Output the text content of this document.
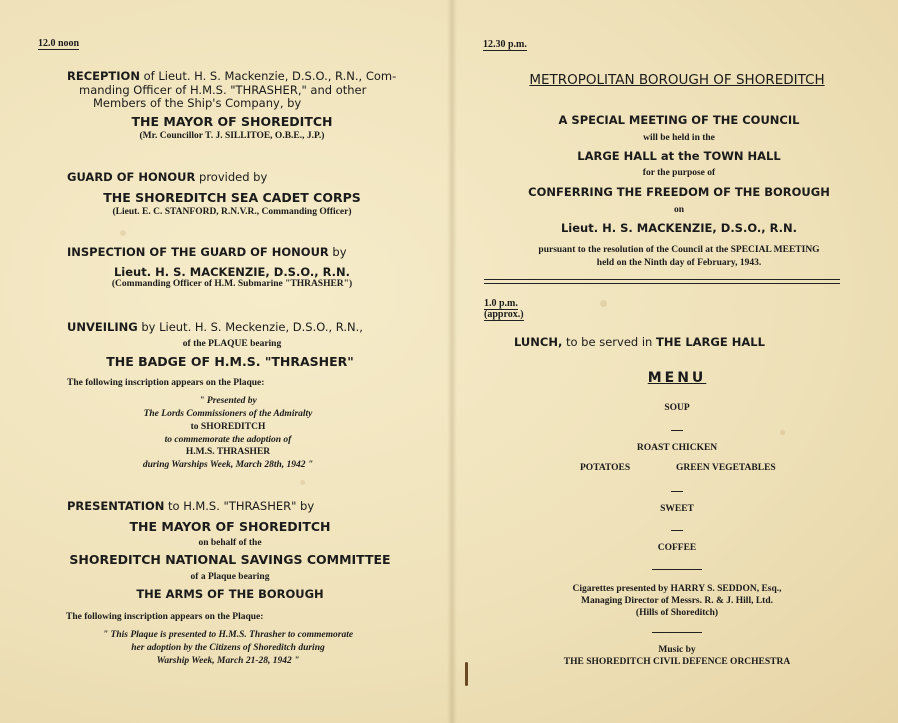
12.0 noon
RECEPTION of Lieut. H. S. Mackenzie, D.S.O., R.N., Com-
manding Officer of H.M.S. "THRASHER," and other
Members of the Ship's Company, by
THE MAYOR OF SHOREDITCH
(Mr. Councillor T. J. SILLITOE, O.B.E., J.P.)
GUARD OF HONOUR provided by
THE SHOREDITCH SEA CADET CORPS
(Lieut. E. C. STANFORD, R.N.V.R., Commanding Officer)
INSPECTION OF THE GUARD OF HONOUR by
Lieut. H. S. MACKENZIE, D.S.O., R.N.
(Commanding Officer of H.M. Submarine "THRASHER")
UNVEILING by Lieut. H. S. Meckenzie, D.S.O., R.N.,
of the PLAQUE bearing
THE BADGE OF H.M.S. "THRASHER"
The following inscription appears on the Plaque:
" Presented by
The Lords Commissioners of the Admiralty
to SHOREDITCH
to commemorate the adoption of
H.M.S. THRASHER
during Warships Week, March 28th, 1942 "
PRESENTATION to H.M.S. "THRASHER" by
THE MAYOR OF SHOREDITCH
on behalf of the
SHOREDITCH NATIONAL SAVINGS COMMITTEE
of a Plaque bearing
THE ARMS OF THE BOROUGH
The following inscription appears on the Plaque:
" This Plaque is presented to H.M.S. Thrasher to commemorate
her adoption by the Citizens of Shoreditch during
Warship Week, March 21-28, 1942 "
12.30 p.m.
METROPOLITAN BOROUGH OF SHOREDITCH
A SPECIAL MEETING OF THE COUNCIL
will be held in the
LARGE HALL at the TOWN HALL
for the purpose of
CONFERRING THE FREEDOM OF THE BOROUGH
on
Lieut. H. S. MACKENZIE, D.S.O., R.N.
pursuant to the resolution of the Council at the SPECIAL MEETING
held on the Ninth day of February, 1943.
1.0 p.m.
(approx.)
LUNCH, to be served in THE LARGE HALL
MENU
SOUP
ROAST CHICKEN
POTATOES	GREEN VEGETABLES
SWEET
COFFEE
Cigarettes presented by HARRY S. SEDDON, Esq.,
Managing Director of Messrs. R. & J. Hill, Ltd.
(Hills of Shoreditch)
Music by
THE SHOREDITCH CIVIL DEFENCE ORCHESTRA
